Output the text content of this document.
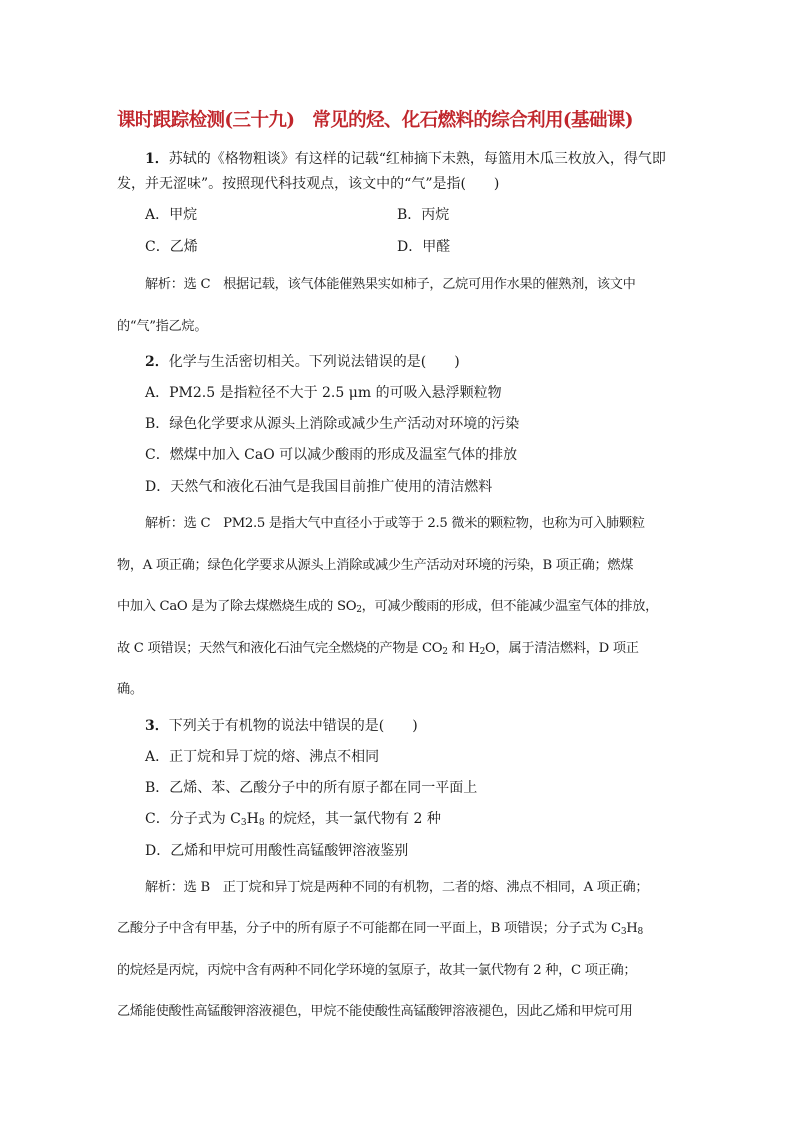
课时跟踪检测(三十九)　常见的烃、化石燃料的综合利用(基础课)
1．苏轼的《格物粗谈》有这样的记载“红柿摘下未熟，每篮用木瓜三枚放入，得气即
发，并无涩味”。按照现代科技观点，该文中的“气”是指(　　)
A．甲烷	B．丙烷
C．乙烯	D．甲醛
解析：选 C　根据记载，该气体能催熟果实如柿子，乙烷可用作水果的催熟剂，该文中
的“气”指乙烷。
2．化学与生活密切相关。下列说法错误的是(　　)
A．PM2.5 是指粒径不大于 2.5 μm 的可吸入悬浮颗粒物
B．绿色化学要求从源头上消除或减少生产活动对环境的污染
C．燃煤中加入 CaO 可以减少酸雨的形成及温室气体的排放
D．天然气和液化石油气是我国目前推广使用的清洁燃料
解析：选 C　PM2.5 是指大气中直径小于或等于 2.5 微米的颗粒物，也称为可入肺颗粒
物，A 项正确；绿色化学要求从源头上消除或减少生产活动对环境的污染，B 项正确；燃煤
中加入 CaO 是为了除去煤燃烧生成的 $SO_2$，可减少酸雨的形成，但不能减少温室气体的排放，
故 C 项错误；天然气和液化石油气完全燃烧的产物是 $CO_2$ 和 $H_2O$，属于清洁燃料，D 项正
确。
3．下列关于有机物的说法中错误的是(　　)
A．正丁烷和异丁烷的熔、沸点不相同
B．乙烯、苯、乙酸分子中的所有原子都在同一平面上
C．分子式为 $C_3H_8$ 的烷烃，其一氯代物有 2 种
D．乙烯和甲烷可用酸性高锰酸钾溶液鉴别
解析：选 B　正丁烷和异丁烷是两种不同的有机物，二者的熔、沸点不相同，A 项正确；
乙酸分子中含有甲基，分子中的所有原子不可能都在同一平面上，B 项错误；分子式为 $C_3H_8$
的烷烃是丙烷，丙烷中含有两种不同化学环境的氢原子，故其一氯代物有 2 种，C 项正确；
乙烯能使酸性高锰酸钾溶液褪色，甲烷不能使酸性高锰酸钾溶液褪色，因此乙烯和甲烷可用
